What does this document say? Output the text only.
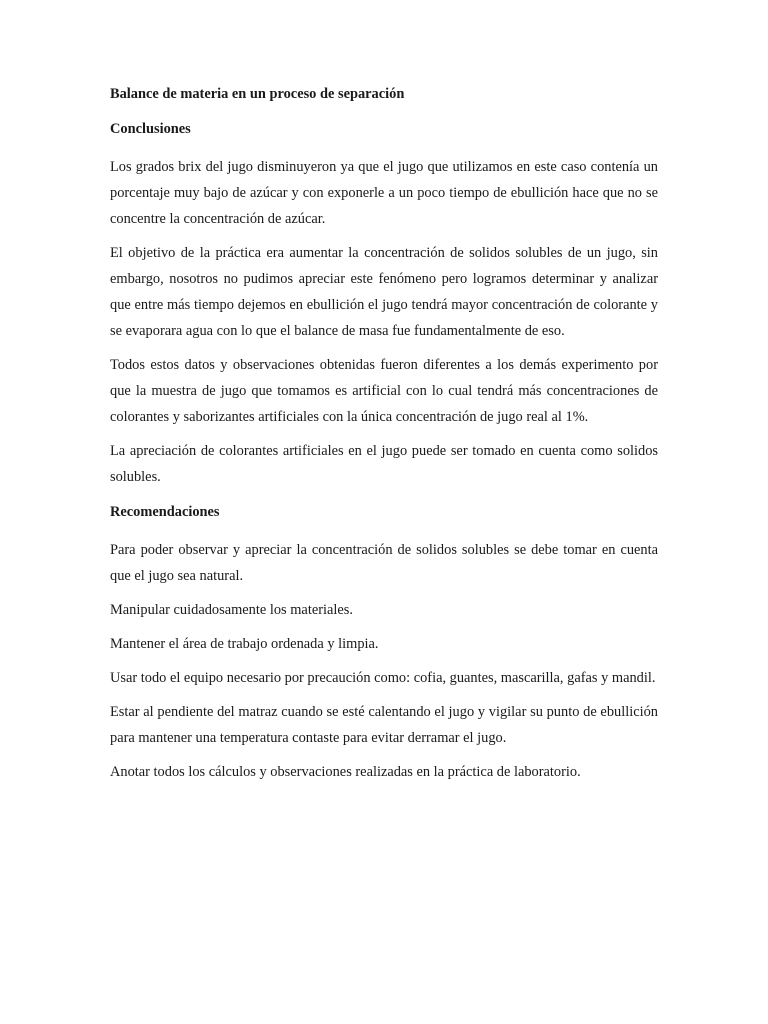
Balance de materia en un proceso de separación

Conclusiones

Los grados brix del jugo disminuyeron ya que el jugo que utilizamos en este caso contenía un porcentaje muy bajo de azúcar y con exponerle a un poco tiempo de ebullición hace que no se concentre la concentración de azúcar.

El objetivo de la práctica era aumentar la concentración de solidos solubles de un jugo, sin embargo, nosotros no pudimos apreciar este fenómeno pero logramos determinar y analizar que entre más tiempo dejemos en ebullición el jugo tendrá mayor concentración de colorante y se evaporara agua con lo que el balance de masa fue fundamentalmente de eso.

Todos estos datos y observaciones obtenidas fueron diferentes a los demás experimento por que la muestra de jugo que tomamos es artificial con lo cual tendrá más concentraciones de colorantes y saborizantes artificiales con la única concentración de jugo real al 1%.

La apreciación de colorantes artificiales en el jugo puede ser tomado en cuenta como solidos solubles.

Recomendaciones

Para poder observar y apreciar la concentración de solidos solubles se debe tomar en cuenta que el jugo sea natural.

Manipular cuidadosamente los materiales.

Mantener el área de trabajo ordenada y limpia.

Usar todo el equipo necesario por precaución como: cofia, guantes, mascarilla, gafas y mandil.

Estar al pendiente del matraz cuando se esté calentando el jugo y vigilar su punto de ebullición para mantener una temperatura contaste para evitar derramar el jugo.

Anotar todos los cálculos y observaciones realizadas en la práctica de laboratorio.
